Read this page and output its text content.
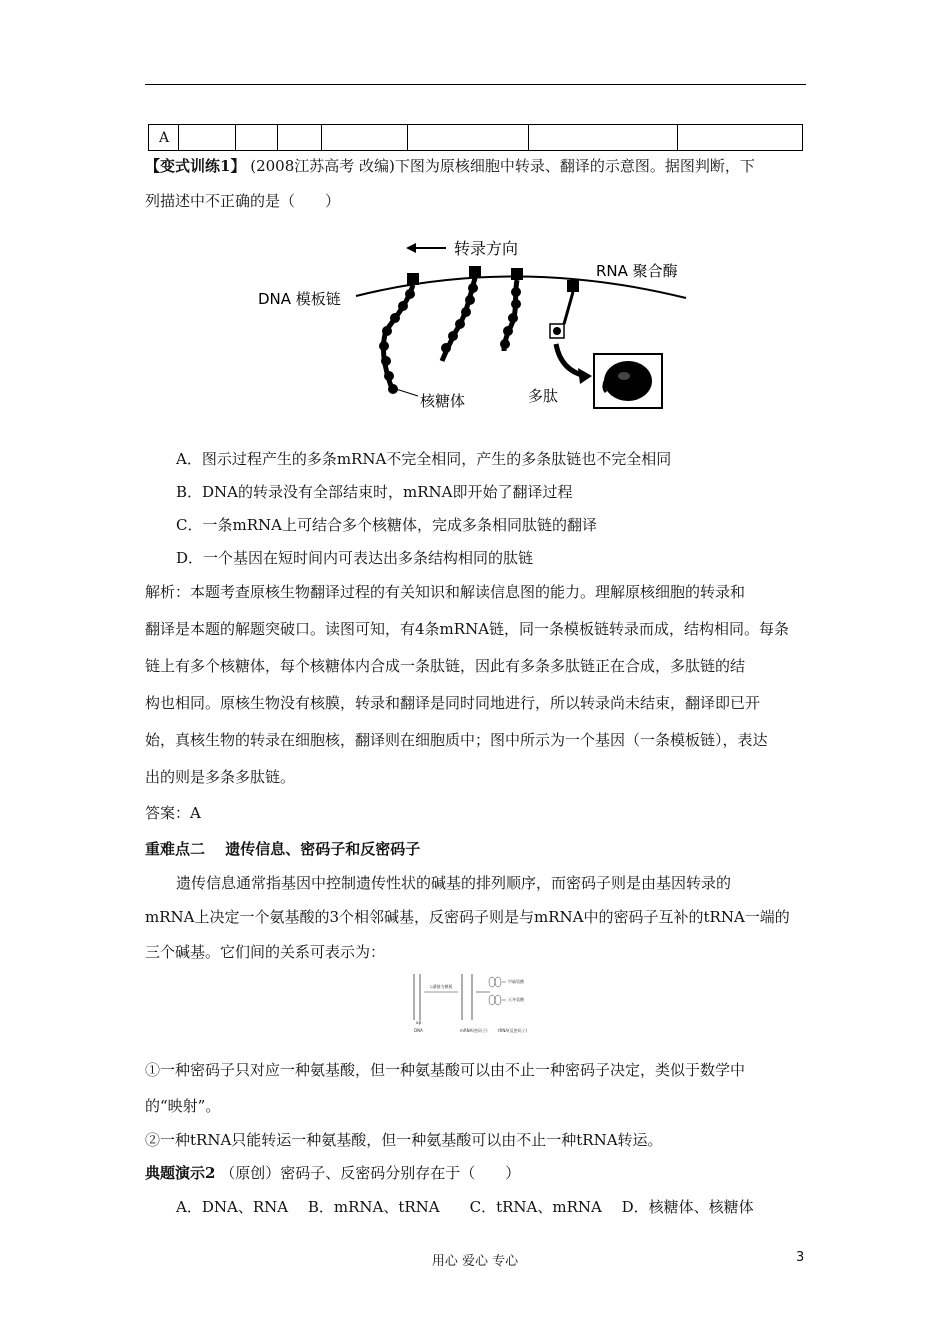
A							
【变式训练1】 (2008江苏高考 改编)下图为原核细胞中转录、翻译的示意图。据图判断，下
列描述中不正确的是（　　）
转录方向
DNA 模板链
RNA 聚合酶
核糖体	多肽
A．图示过程产生的多条mRNA不完全相同，产生的多条肽链也不完全相同
B．DNA的转录没有全部结束时，mRNA即开始了翻译过程
C．一条mRNA上可结合多个核糖体，完成多条相同肽链的翻译
D．一个基因在短时间内可表达出多条结构相同的肽链
解析：本题考查原核生物翻译过程的有关知识和解读信息图的能力。理解原核细胞的转录和
翻译是本题的解题突破口。读图可知，有4条mRNA链，同一条模板链转录而成，结构相同。每条
链上有多个核糖体，每个核糖体内合成一条肽链，因此有多条多肽链正在合成，多肽链的结
构也相同。原核生物没有核膜，转录和翻译是同时同地进行，所以转录尚未结束，翻译即已开
始，真核生物的转录在细胞核，翻译则在细胞质中；图中所示为一个基因（一条模板链），表达
出的则是多条多肽链。
答案：A
重难点二　 遗传信息、密码子和反密码子
遗传信息通常指基因中控制遗传性状的碱基的排列顺序，而密码子则是由基因转录的
mRNA上决定一个氨基酸的3个相邻碱基，反密码子则是与mRNA中的密码子互补的tRNA一端的
三个碱基。它们间的关系可表示为：
以β链为模板
甲硫氨酸
天冬氨酸
αβ
DNA	mRNA(密码子)	tRNA(反密码子)
①一种密码子只对应一种氨基酸，但一种氨基酸可以由不止一种密码子决定，类似于数学中
的“映射”。
②一种tRNA只能转运一种氨基酸，但一种氨基酸可以由不止一种tRNA转运。
典题演示2 （原创）密码子、反密码分别存在于（　　）
A．DNA、RNA　 B．mRNA、tRNA　　C．tRNA、mRNA　 D．核糖体、核糖体
用心 爱心 专心	3
